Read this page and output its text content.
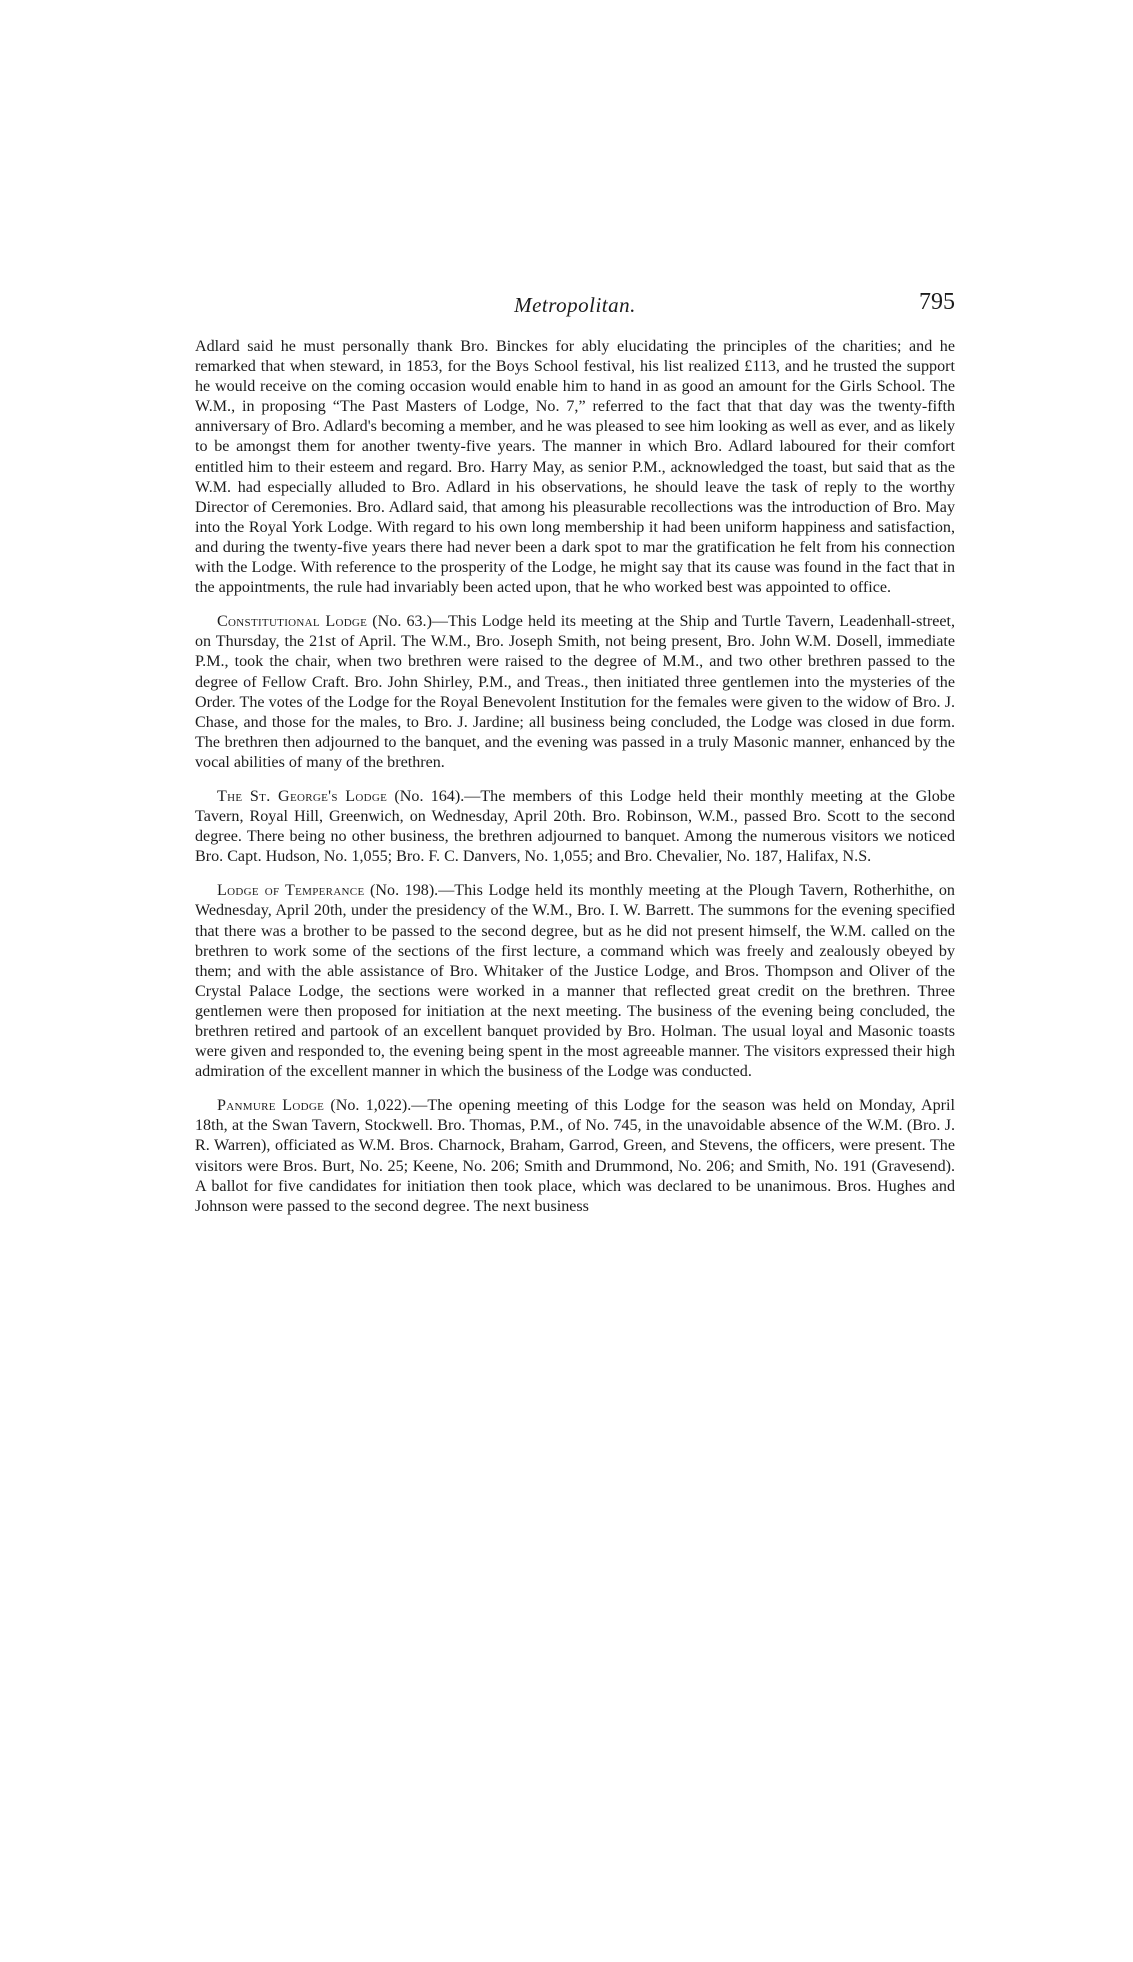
Metropolitan.	795

Adlard said he must personally thank Bro. Binckes for ably elucidating the principles of the charities; and he remarked that when steward, in 1853, for the Boys School festival, his list realized £113, and he trusted the support he would receive on the coming occasion would enable him to hand in as good an amount for the Girls School. The W.M., in proposing “The Past Masters of Lodge, No. 7,” referred to the fact that that day was the twenty-fifth anniversary of Bro. Adlard's becoming a member, and he was pleased to see him looking as well as ever, and as likely to be amongst them for another twenty-five years. The manner in which Bro. Adlard laboured for their comfort entitled him to their esteem and regard. Bro. Harry May, as senior P.M., acknowledged the toast, but said that as the W.M. had especially alluded to Bro. Adlard in his observations, he should leave the task of reply to the worthy Director of Ceremonies. Bro. Adlard said, that among his pleasurable recollections was the introduction of Bro. May into the Royal York Lodge. With regard to his own long membership it had been uniform happiness and satisfaction, and during the twenty-five years there had never been a dark spot to mar the gratification he felt from his connection with the Lodge. With reference to the prosperity of the Lodge, he might say that its cause was found in the fact that in the appointments, the rule had invariably been acted upon, that he who worked best was appointed to office.

Constitutional Lodge (No. 63.)—This Lodge held its meeting at the Ship and Turtle Tavern, Leadenhall-street, on Thursday, the 21st of April. The W.M., Bro. Joseph Smith, not being present, Bro. John W.M. Dosell, immediate P.M., took the chair, when two brethren were raised to the degree of M.M., and two other brethren passed to the degree of Fellow Craft. Bro. John Shirley, P.M., and Treas., then initiated three gentlemen into the mysteries of the Order. The votes of the Lodge for the Royal Benevolent Institution for the females were given to the widow of Bro. J. Chase, and those for the males, to Bro. J. Jardine; all business being concluded, the Lodge was closed in due form. The brethren then adjourned to the banquet, and the evening was passed in a truly Masonic manner, enhanced by the vocal abilities of many of the brethren.

The St. George's Lodge (No. 164).—The members of this Lodge held their monthly meeting at the Globe Tavern, Royal Hill, Greenwich, on Wednesday, April 20th. Bro. Robinson, W.M., passed Bro. Scott to the second degree. There being no other business, the brethren adjourned to banquet. Among the numerous visitors we noticed Bro. Capt. Hudson, No. 1,055; Bro. F. C. Danvers, No. 1,055; and Bro. Chevalier, No. 187, Halifax, N.S.

Lodge of Temperance (No. 198).—This Lodge held its monthly meeting at the Plough Tavern, Rotherhithe, on Wednesday, April 20th, under the presidency of the W.M., Bro. I. W. Barrett. The summons for the evening specified that there was a brother to be passed to the second degree, but as he did not present himself, the W.M. called on the brethren to work some of the sections of the first lecture, a command which was freely and zealously obeyed by them; and with the able assistance of Bro. Whitaker of the Justice Lodge, and Bros. Thompson and Oliver of the Crystal Palace Lodge, the sections were worked in a manner that reflected great credit on the brethren. Three gentlemen were then proposed for initiation at the next meeting. The business of the evening being concluded, the brethren retired and partook of an excellent banquet provided by Bro. Holman. The usual loyal and Masonic toasts were given and responded to, the evening being spent in the most agreeable manner. The visitors expressed their high admiration of the excellent manner in which the business of the Lodge was conducted.

Panmure Lodge (No. 1,022).—The opening meeting of this Lodge for the season was held on Monday, April 18th, at the Swan Tavern, Stockwell. Bro. Thomas, P.M., of No. 745, in the unavoidable absence of the W.M. (Bro. J. R. Warren), officiated as W.M. Bros. Charnock, Braham, Garrod, Green, and Stevens, the officers, were present. The visitors were Bros. Burt, No. 25; Keene, No. 206; Smith and Drummond, No. 206; and Smith, No. 191 (Gravesend). A ballot for five candidates for initiation then took place, which was declared to be unanimous. Bros. Hughes and Johnson were passed to the second degree. The next business
